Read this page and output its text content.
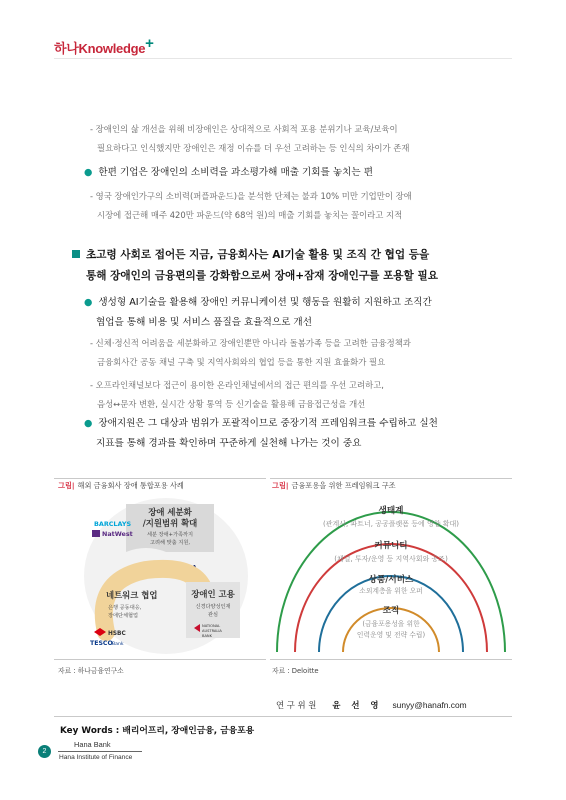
하나Knowledge+
- 장애인의 삶 개선을 위해 비장애인은 상대적으로 사회적 포용 분위기나 교육/보육이
필요하다고 인식했지만 장애인은 재정 이슈를 더 우선 고려하는 등 인식의 차이가 존재
● 한편 기업은 장애인의 소비력을 과소평가해 매출 기회를 놓치는 편
- 영국 장애인가구의 소비력(퍼플파운드)을 분석한 단체는 불과 10% 미만 기업만이 장애
시장에 접근해 매주 420만 파운드(약 68억 원)의 매출 기회를 놓치는 꼴이라고 지적
초고령 사회로 접어든 지금, 금융회사는 AI기술 활용 및 조직 간 협업 등을
통해 장애인의 금융편의를 강화함으로써 장애+잠재 장애인구를 포용할 필요
● 생성형 AI기술을 활용해 장애인 커뮤니케이션 및 행동을 원활히 지원하고 조직간
협업을 통해 비용 및 서비스 품질을 효율적으로 개선
- 신체·정신적 어려움을 세분화하고 장애인뿐만 아니라 돌봄가족 등을 고려한 금융정책과
금융회사간 공동 채널 구축 및 지역사회와의 협업 등을 통한 지원 효율화가 필요
- 오프라인채널보다 접근이 용이한 온라인채널에서의 접근 편의를 우선 고려하고,
음성↔문자 변환, 실시간 상황 통역 등 신기술을 활용해 금융접근성을 개선
● 장애지원은 그 대상과 범위가 포괄적이므로 중장기적 프레임워크를 수립하고 실천
지표를 통해 경과를 확인하며 꾸준하게 실천해 나가는 것이 중요
그림| 해외 금융회사 장애 통합포용 사례	그림| 금융포용을 위한 프레임워크 구조
장애 세분화
/지원범위 확대
세분 장애+가족까지
고려해 맞춤 지원,
BARCLAYS
NatWest
BANK OF AMERICA
네트워크 협업
은행 공동대응,
장애단체협업
장애인 고용
신경다양성인재
관심
HSBC
TESCO Bank
NATIONAL
AUSTRALIA
BANK
생태계
(관계사, 파트너, 공공플랫폼 등에 영향 확대)
커뮤니티
(채널, 투자/운영 등 지역사회와 공조)
상품/서비스
소외계층을 위한 오퍼
조직
(금융포용성을 위한
인력운영 및 전략 수립)
자료 : 하나금융연구소	자료 : Deloitte
연 구 위 원 윤 선 영 sunyy@hanafn.com
Key Words : 배리어프리, 장애인금융, 금융포용
2
Hana Bank
Hana Institute of Finance
